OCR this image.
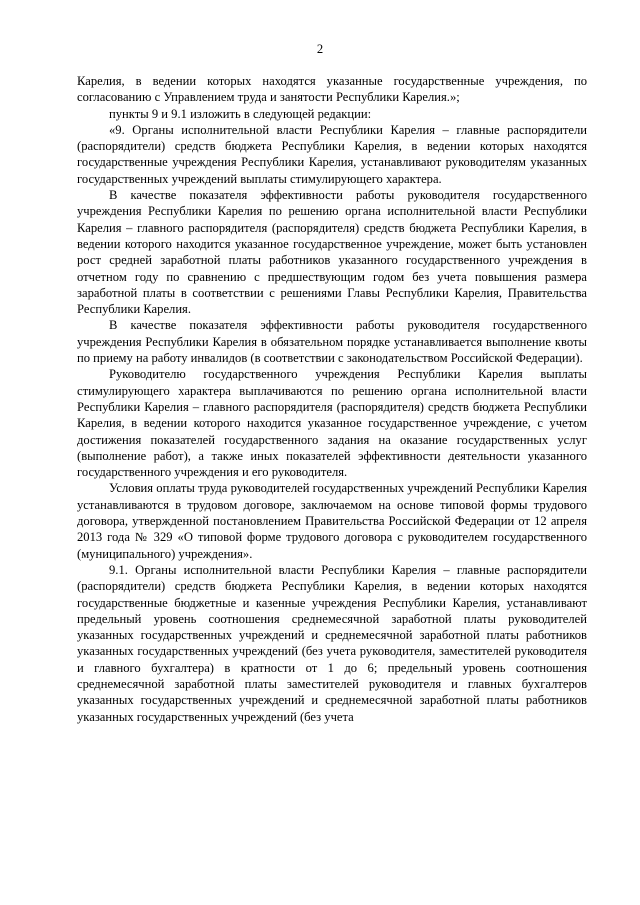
2

Карелия, в ведении которых находятся указанные государственные учреждения, по согласованию с Управлением труда и занятости Республики Карелия.»;

пункты 9 и 9.1 изложить в следующей редакции:

«9. Органы исполнительной власти Республики Карелия – главные распорядители (распорядители) средств бюджета Республики Карелия, в ведении которых находятся государственные учреждения Республики Карелия, устанавливают руководителям указанных государственных учреждений выплаты стимулирующего характера.

В качестве показателя эффективности работы руководителя государственного учреждения Республики Карелия по решению органа исполнительной власти Республики Карелия – главного распорядителя (распорядителя) средств бюджета Республики Карелия, в ведении которого находится указанное государственное учреждение, может быть установлен рост средней заработной платы работников указанного государственного учреждения в отчетном году по сравнению с предшествующим годом без учета повышения размера заработной платы в соответствии с решениями Главы Республики Карелия, Правительства Республики Карелия.

В качестве показателя эффективности работы руководителя государственного учреждения Республики Карелия в обязательном порядке устанавливается выполнение квоты по приему на работу инвалидов (в соответствии с законодательством Российской Федерации).

Руководителю государственного учреждения Республики Карелия выплаты стимулирующего характера выплачиваются по решению органа исполнительной власти Республики Карелия – главного распорядителя (распорядителя) средств бюджета Республики Карелия, в ведении которого находится указанное государственное учреждение, с учетом достижения показателей государственного задания на оказание государственных услуг (выполнение работ), а также иных показателей эффективности деятельности указанного государственного учреждения и его руководителя.

Условия оплаты труда руководителей государственных учреждений Республики Карелия устанавливаются в трудовом договоре, заключаемом на основе типовой формы трудового договора, утвержденной постановлением Правительства Российской Федерации от 12 апреля 2013 года № 329 «О типовой форме трудового договора с руководителем государственного (муниципального) учреждения».

9.1. Органы исполнительной власти Республики Карелия – главные распорядители (распорядители) средств бюджета Республики Карелия, в ведении которых находятся государственные бюджетные и казенные учреждения Республики Карелия, устанавливают предельный уровень соотношения среднемесячной заработной платы руководителей указанных государственных учреждений и среднемесячной заработной платы работников указанных государственных учреждений (без учета руководителя, заместителей руководителя и главного бухгалтера) в кратности от 1 до 6; предельный уровень соотношения среднемесячной заработной платы заместителей руководителя и главных бухгалтеров указанных государственных учреждений и среднемесячной заработной платы работников указанных государственных учреждений (без учета
